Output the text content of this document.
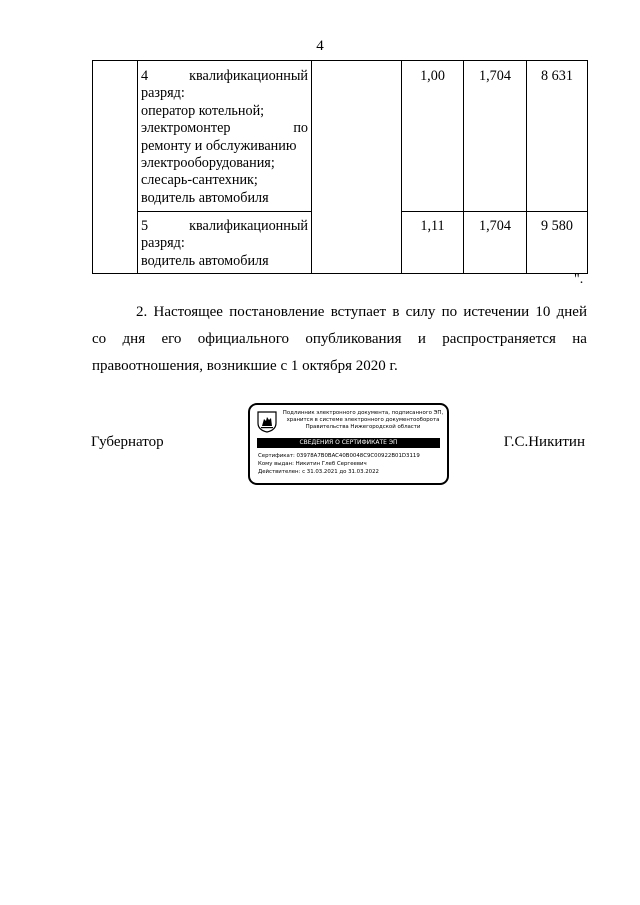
4
4	квалификационный
разряд:
оператор котельной;
электромонтер	по
ремонту и обслуживанию
электрооборудования;
слесарь-сантехник;
водитель автомобиля
1,00	1,704	8 631
5	квалификационный
разряд:
водитель автомобиля
1,11	1,704	9 580
".
2. Настоящее постановление вступает в силу по истечении 10 дней
со дня его официального опубликования и распространяется на
правоотношения, возникшие с 1 октября 2020 г.
Губернатор	Г.С.Никитин
Подлинник электронного документа, подписанного ЭП,
хранится в системе электронного документооборота
Правительства Нижегородской области
СВЕДЕНИЯ О СЕРТИФИКАТЕ ЭП
Сертификат: 03978A7B0BAC40B0048C9C00922B01D3119
Кому выдан: Никитин Глеб Сергеевич
Действителен: с 31.03.2021 до 31.03.2022
